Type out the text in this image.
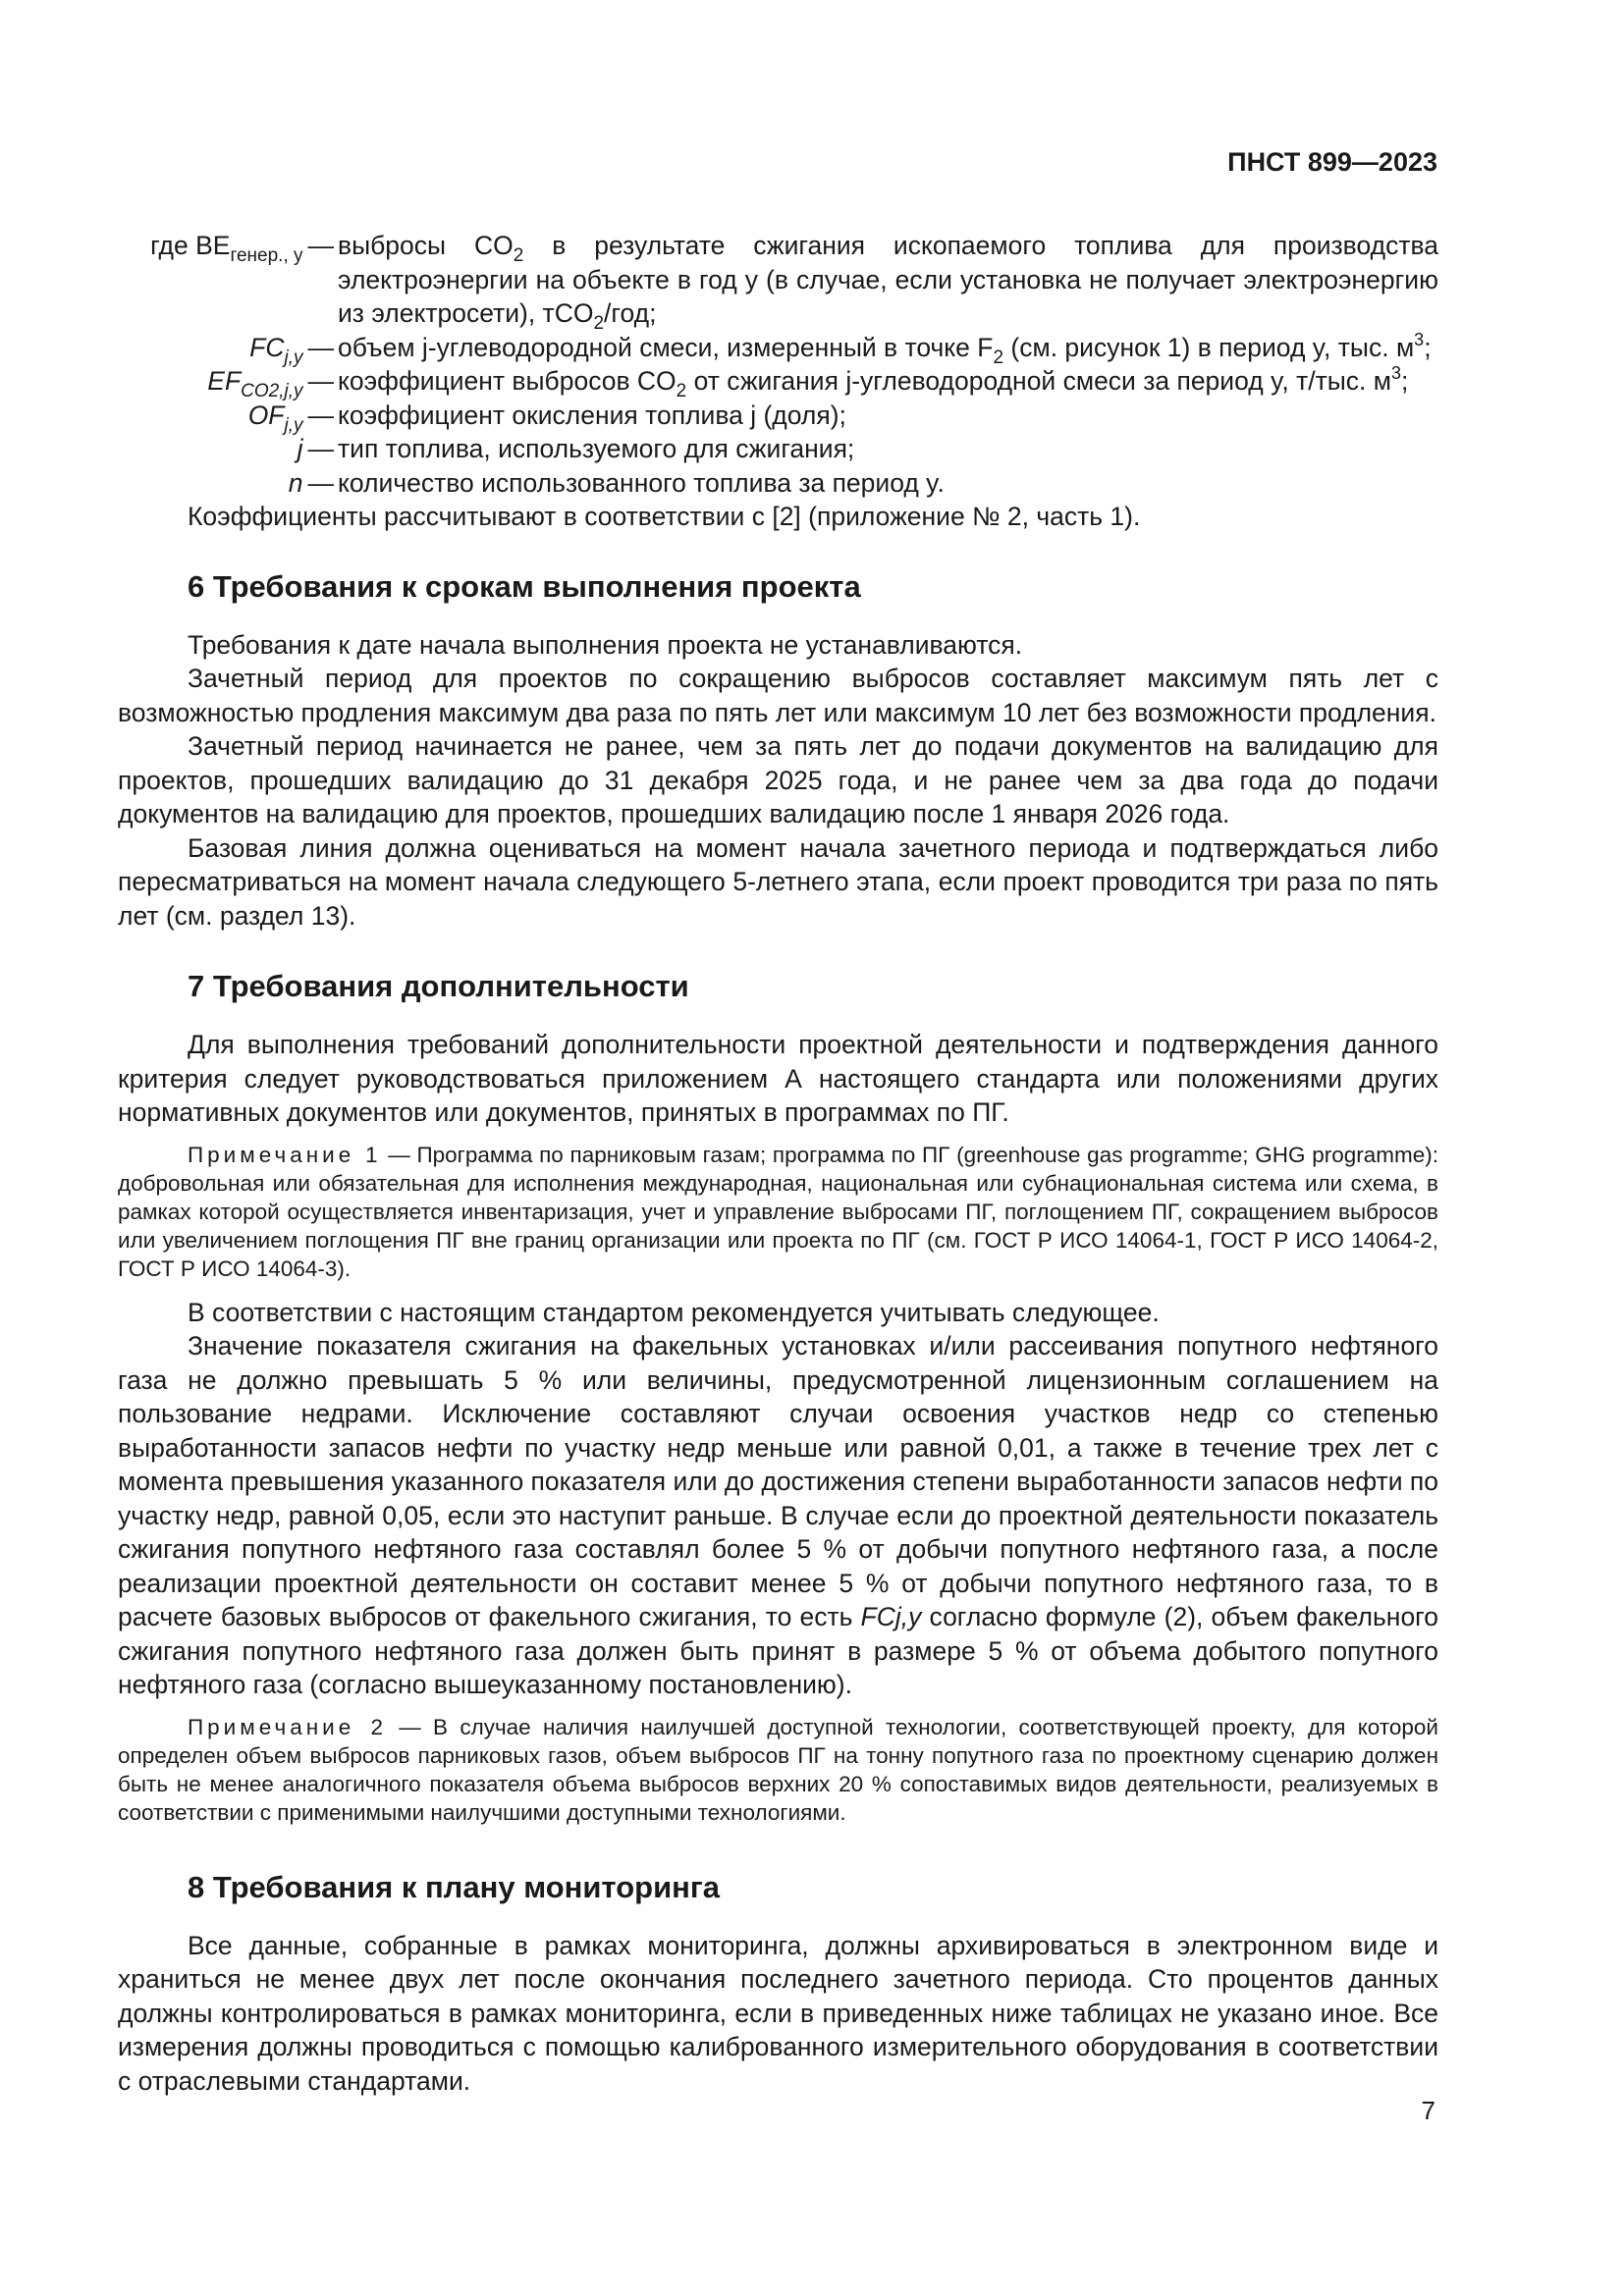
ПНСТ 899—2023
где $BE_{генер., y}$ — выбросы $CO_2$ в результате сжигания ископаемого топлива для производства электроэнергии на объекте в год y (в случае, если установка не получает электроэнергию из электросети), тCO$_2$/год;
$FC_{j,y}$ — объем j-углеводородной смеси, измеренный в точке $F_2$ (см. рисунок 1) в период y, тыс. $м^3$;
$EF_{CO2,j,y}$ — коэффициент выбросов $CO_2$ от сжигания j-углеводородной смеси за период y, т/тыс. $м^3$;
$OF_{j,y}$ — коэффициент окисления топлива j (доля);
j — тип топлива, используемого для сжигания;
n — количество использованного топлива за период y.

Коэффициенты рассчитывают в соответствии с [2] (приложение № 2, часть 1).

6 Требования к срокам выполнения проекта

Требования к дате начала выполнения проекта не устанавливаются.

Зачетный период для проектов по сокращению выбросов составляет максимум пять лет с возможностью продления максимум два раза по пять лет или максимум 10 лет без возможности продления.

Зачетный период начинается не ранее, чем за пять лет до подачи документов на валидацию для проектов, прошедших валидацию до 31 декабря 2025 года, и не ранее чем за два года до подачи документов на валидацию для проектов, прошедших валидацию после 1 января 2026 года.

Базовая линия должна оцениваться на момент начала зачетного периода и подтверждаться либо пересматриваться на момент начала следующего 5-летнего этапа, если проект проводится три раза по пять лет (см. раздел 13).

7 Требования дополнительности

Для выполнения требований дополнительности проектной деятельности и подтверждения данного критерия следует руководствоваться приложением А настоящего стандарта или положениями других нормативных документов или документов, принятых в программах по ПГ.

Примечание 1 — Программа по парниковым газам; программа по ПГ (greenhouse gas programme; GHG programme): добровольная или обязательная для исполнения международная, национальная или субнациональная система или схема, в рамках которой осуществляется инвентаризация, учет и управление выбросами ПГ, поглощением ПГ, сокращением выбросов или увеличением поглощения ПГ вне границ организации или проекта по ПГ (см. ГОСТ Р ИСО 14064-1, ГОСТ Р ИСО 14064-2, ГОСТ Р ИСО 14064-3).

В соответствии с настоящим стандартом рекомендуется учитывать следующее.

Значение показателя сжигания на факельных установках и/или рассеивания попутного нефтяного газа не должно превышать 5 % или величины, предусмотренной лицензионным соглашением на пользование недрами. Исключение составляют случаи освоения участков недр со степенью выработанности запасов нефти по участку недр меньше или равной 0,01, а также в течение трех лет с момента превышения указанного показателя или до достижения степени выработанности запасов нефти по участку недр, равной 0,05, если это наступит раньше. В случае если до проектной деятельности показатель сжигания попутного нефтяного газа составлял более 5 % от добычи попутного нефтяного газа, а после реализации проектной деятельности он составит менее 5 % от добычи попутного нефтяного газа, то в расчете базовых выбросов от факельного сжигания, то есть FCj,y согласно формуле (2), объем факельного сжигания попутного нефтяного газа должен быть принят в размере 5 % от объема добытого попутного нефтяного газа (согласно вышеуказанному постановлению).

Примечание 2 — В случае наличия наилучшей доступной технологии, соответствующей проекту, для которой определен объем выбросов парниковых газов, объем выбросов ПГ на тонну попутного газа по проектному сценарию должен быть не менее аналогичного показателя объема выбросов верхних 20 % сопоставимых видов деятельности, реализуемых в соответствии с применимыми наилучшими доступными технологиями.

8 Требования к плану мониторинга

Все данные, собранные в рамках мониторинга, должны архивироваться в электронном виде и храниться не менее двух лет после окончания последнего зачетного периода. Сто процентов данных должны контролироваться в рамках мониторинга, если в приведенных ниже таблицах не указано иное. Все измерения должны проводиться с помощью калиброванного измерительного оборудования в соответствии с отраслевыми стандартами.

7
